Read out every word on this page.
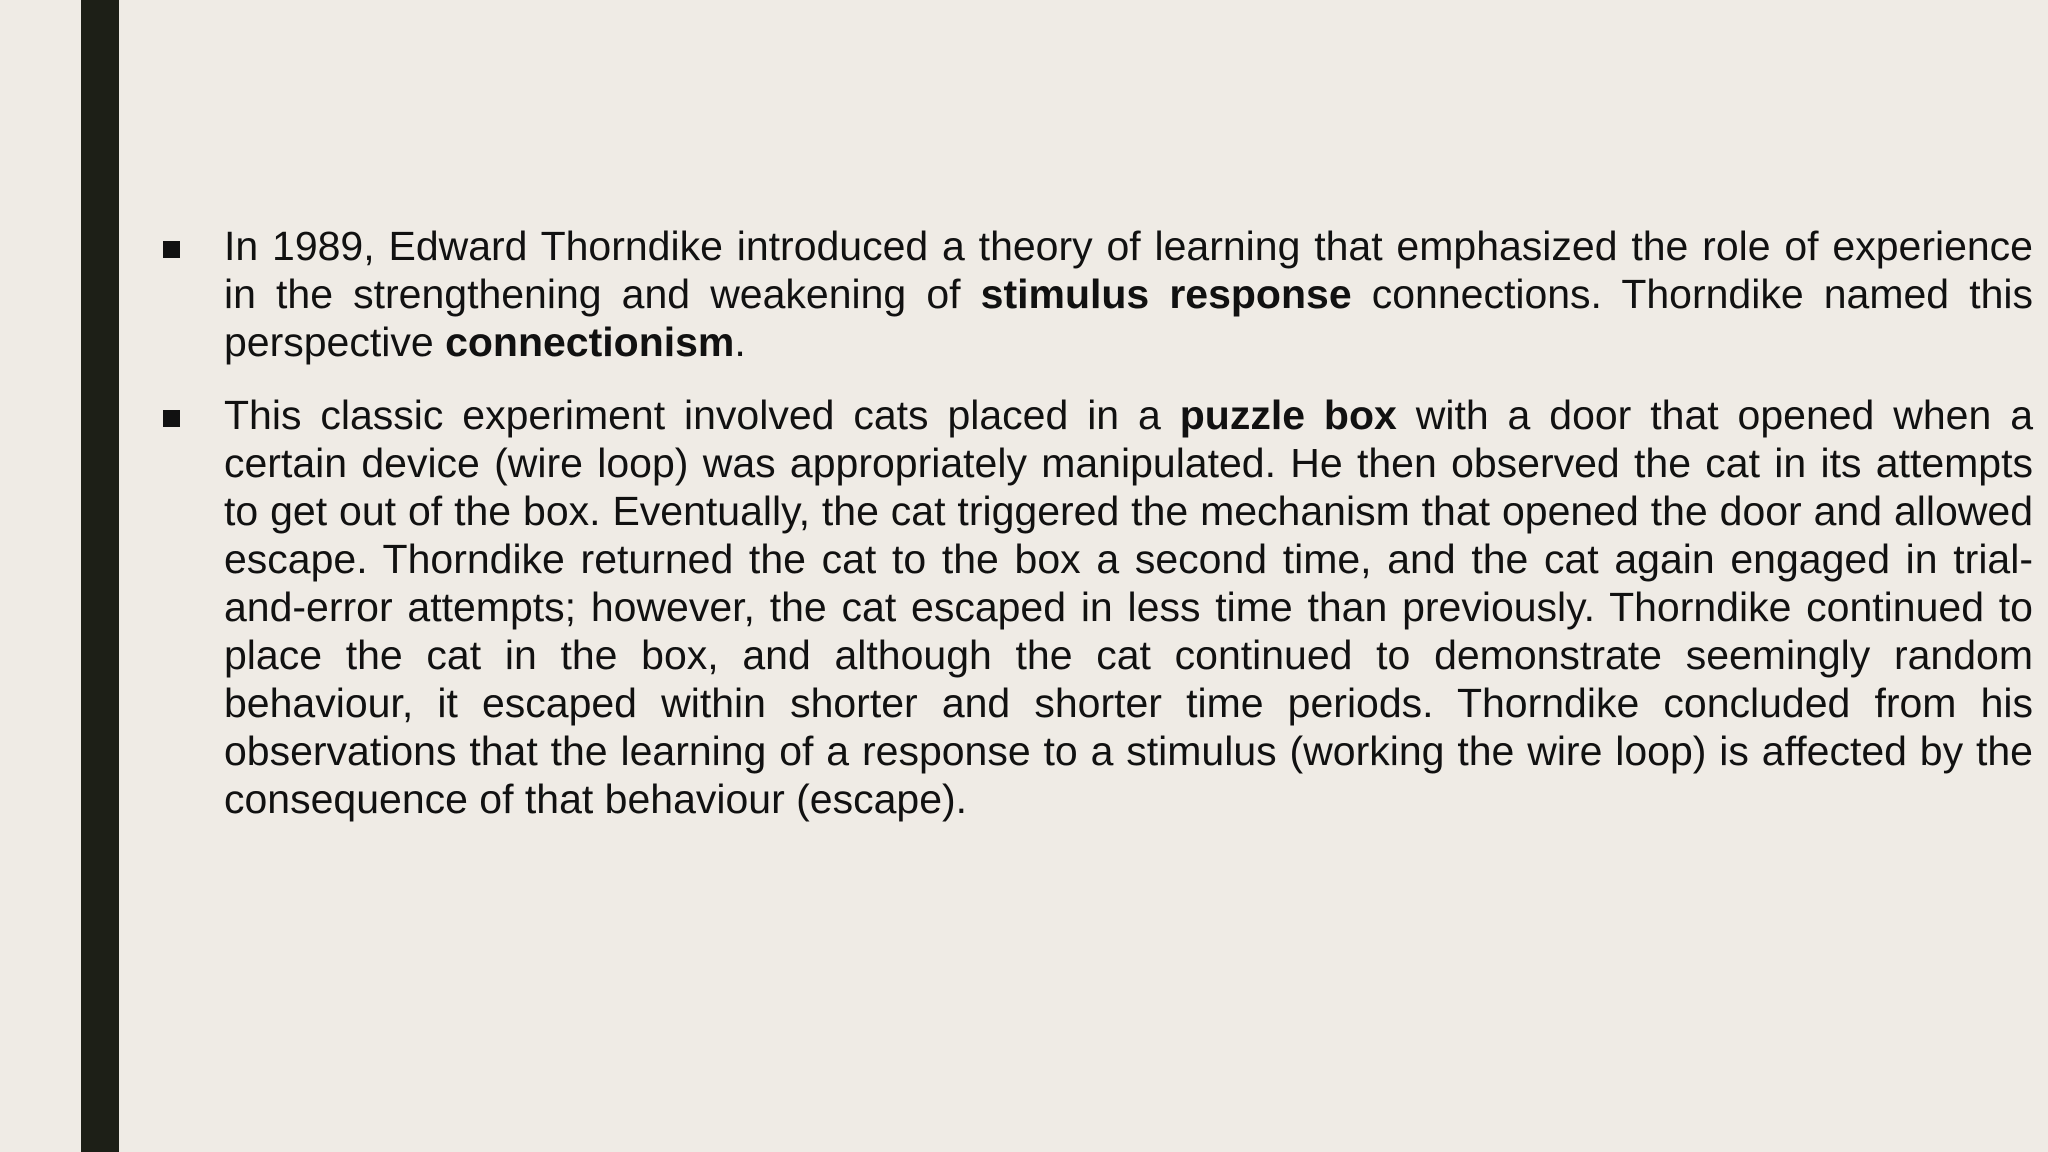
In 1989, Edward Thorndike introduced a theory of learning that emphasized the role of experience in the strengthening and weakening of stimulus response connections. Thorndike named this perspective connectionism.
This classic experiment involved cats placed in a puzzle box with a door that opened when a certain device (wire loop) was appropriately manipulated. He then observed the cat in its attempts to get out of the box. Eventually, the cat triggered the mechanism that opened the door and allowed escape. Thorndike returned the cat to the box a second time, and the cat again engaged in trial-and-error attempts; however, the cat escaped in less time than previously. Thorndike continued to place the cat in the box, and although the cat continued to demonstrate seemingly random behaviour, it escaped within shorter and shorter time periods. Thorndike concluded from his observations that the learning of a response to a stimulus (working the wire loop) is affected by the consequence of that behaviour (escape).
